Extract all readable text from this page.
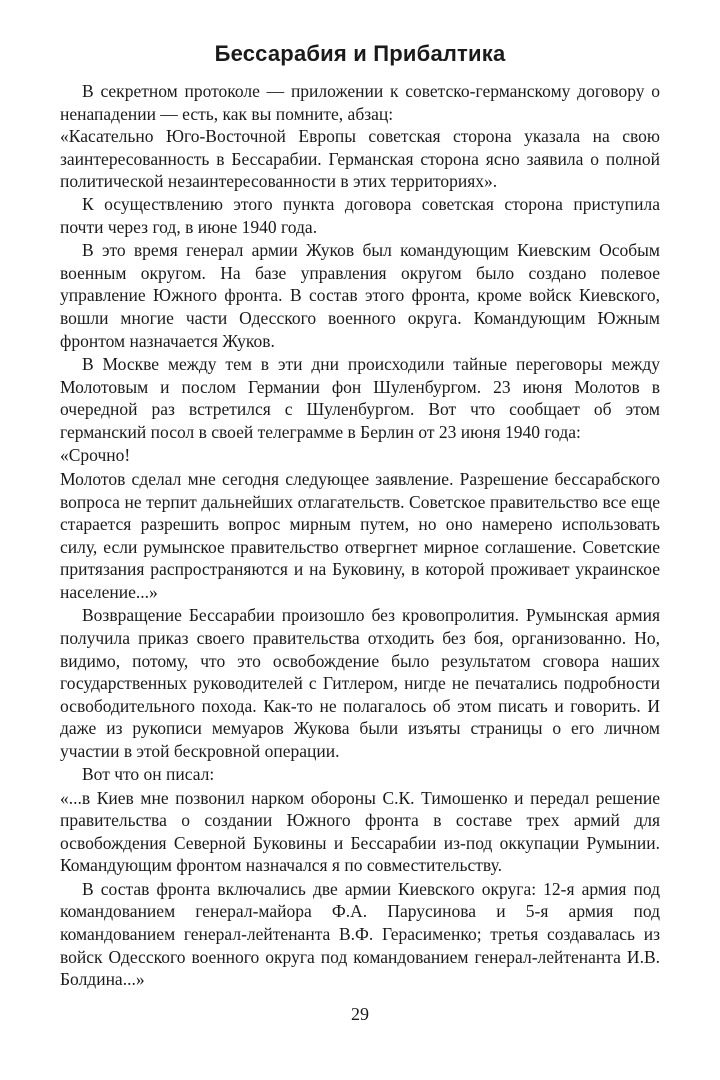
Бессарабия и Прибалтика

В секретном протоколе — приложении к советско-германскому договору о ненападении — есть, как вы помните, абзац:

«Касательно Юго-Восточной Европы советская сторона указала на свою заинтересованность в Бессарабии. Германская сторона ясно заявила о полной политической незаинтересованности в этих территориях».

К осуществлению этого пункта договора советская сторона приступила почти через год, в июне 1940 года.

В это время генерал армии Жуков был командующим Киевским Особым военным округом. На базе управления округом было создано полевое управление Южного фронта. В состав этого фронта, кроме войск Киевского, вошли многие части Одесского военного округа. Командующим Южным фронтом назначается Жуков.

В Москве между тем в эти дни происходили тайные переговоры между Молотовым и послом Германии фон Шуленбургом. 23 июня Молотов в очередной раз встретился с Шуленбургом. Вот что сообщает об этом германский посол в своей телеграмме в Берлин от 23 июня 1940 года:

«Срочно!

Молотов сделал мне сегодня следующее заявление. Разрешение бессарабского вопроса не терпит дальнейших отлагательств. Советское правительство все еще старается разрешить вопрос мирным путем, но оно намерено использовать силу, если румынское правительство отвергнет мирное соглашение. Советские притязания распространяются и на Буковину, в которой проживает украинское население...»

Возвращение Бессарабии произошло без кровопролития. Румынская армия получила приказ своего правительства отходить без боя, организованно. Но, видимо, потому, что это освобождение было результатом сговора наших государственных руководителей с Гитлером, нигде не печатались подробности освободительного похода. Как-то не полагалось об этом писать и говорить. И даже из рукописи мемуаров Жукова были изъяты страницы о его личном участии в этой бескровной операции.

Вот что он писал:

«...в Киев мне позвонил нарком обороны С.К. Тимошенко и передал решение правительства о создании Южного фронта в составе трех армий для освобождения Северной Буковины и Бессарабии из-под оккупации Румынии. Командующим фронтом назначался я по совместительству.

В состав фронта включались две армии Киевского округа: 12-я армия под командованием генерал-майора Ф.А. Парусинова и 5-я армия под командованием генерал-лейтенанта В.Ф. Герасименко; третья создавалась из войск Одесского военного округа под командованием генерал-лейтенанта И.В. Болдина...»

29
